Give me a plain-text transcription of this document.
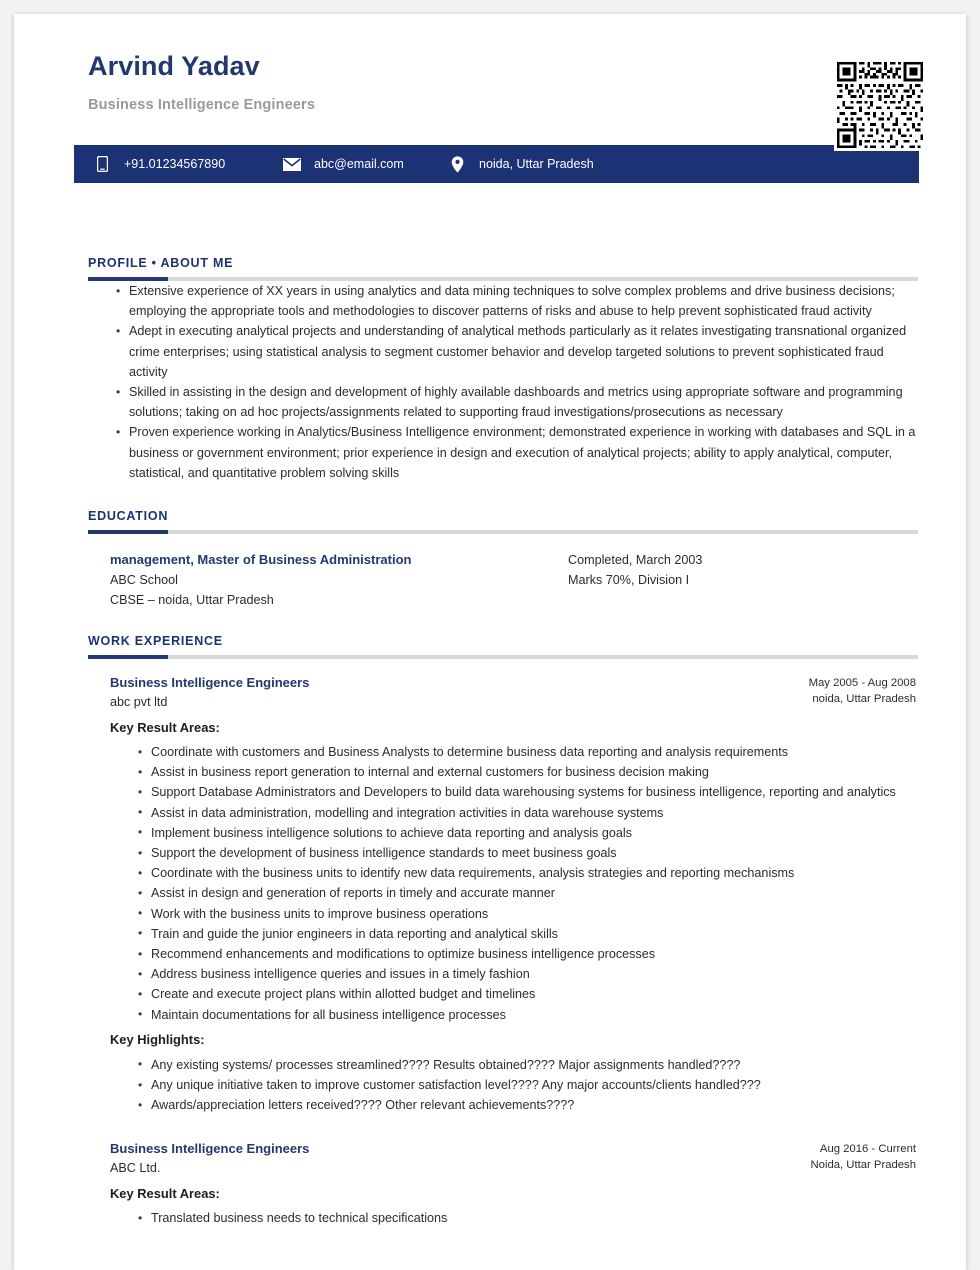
Arvind Yadav
Business Intelligence Engineers
+91.01234567890	abc@email.com	noida, Uttar Pradesh
PROFILE • ABOUT ME
• Extensive experience of XX years in using analytics and data mining techniques to solve complex problems and drive business decisions; employing the appropriate tools and methodologies to discover patterns of risks and abuse to help prevent sophisticated fraud activity
• Adept in executing analytical projects and understanding of analytical methods particularly as it relates investigating transnational organized crime enterprises; using statistical analysis to segment customer behavior and develop targeted solutions to prevent sophisticated fraud activity
• Skilled in assisting in the design and development of highly available dashboards and metrics using appropriate software and programming solutions; taking on ad hoc projects/assignments related to supporting fraud investigations/prosecutions as necessary
• Proven experience working in Analytics/Business Intelligence environment; demonstrated experience in working with databases and SQL in a business or government environment; prior experience in design and execution of analytical projects; ability to apply analytical, computer, statistical, and quantitative problem solving skills
EDUCATION
management, Master of Business Administration
ABC School
CBSE – noida, Uttar Pradesh
Completed, March 2003
Marks 70%, Division I
WORK EXPERIENCE
Business Intelligence Engineers
abc pvt ltd
May 2005 - Aug 2008
noida, Uttar Pradesh
Key Result Areas:
• Coordinate with customers and Business Analysts to determine business data reporting and analysis requirements
• Assist in business report generation to internal and external customers for business decision making
• Support Database Administrators and Developers to build data warehousing systems for business intelligence, reporting and analytics
• Assist in data administration, modelling and integration activities in data warehouse systems
• Implement business intelligence solutions to achieve data reporting and analysis goals
• Support the development of business intelligence standards to meet business goals
• Coordinate with the business units to identify new data requirements, analysis strategies and reporting mechanisms
• Assist in design and generation of reports in timely and accurate manner
• Work with the business units to improve business operations
• Train and guide the junior engineers in data reporting and analytical skills
• Recommend enhancements and modifications to optimize business intelligence processes
• Address business intelligence queries and issues in a timely fashion
• Create and execute project plans within allotted budget and timelines
• Maintain documentations for all business intelligence processes
Key Highlights:
• Any existing systems/ processes streamlined???? Results obtained???? Major assignments handled????
• Any unique initiative taken to improve customer satisfaction level???? Any major accounts/clients handled???
• Awards/appreciation letters received???? Other relevant achievements????
Business Intelligence Engineers
ABC Ltd.
Aug 2016 - Current
Noida, Uttar Pradesh
Key Result Areas:
• Translated business needs to technical specifications
